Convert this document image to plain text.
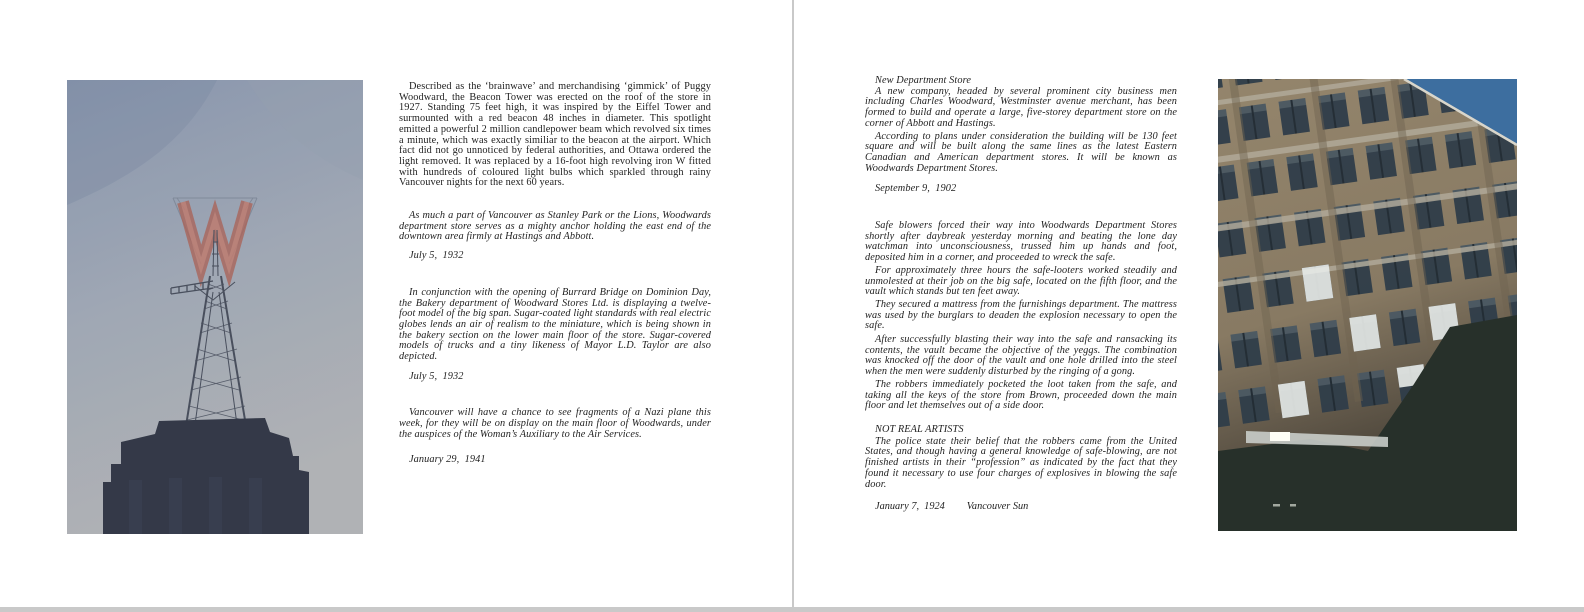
Described as the ‘brainwave’ and merchandising ‘gimmick’ of Puggy Woodward, the Beacon Tower was erected on the roof of the store in 1927. Standing 75 feet high, it was inspired by the Eiffel Tower and surmounted with a red beacon 48 inches in diameter. This spotlight emitted a powerful 2 million candlepower beam which revolved six times a minute, which was exactly similiar to the beacon at the airport. Which fact did not go unnoticed by federal authorities, and Ottawa ordered the light removed. It was replaced by a 16-foot high revolving iron W fitted with hundreds of coloured light bulbs which sparkled through rainy Vancouver nights for the next 60 years.

As much a part of Vancouver as Stanley Park or the Lions, Woodwards department store serves as a mighty anchor holding the east end of the downtown area firmly at Hastings and Abbott.

July 5,  1932

In conjunction with the opening of Burrard Bridge on Dominion Day, the Bakery department of Woodward Stores Ltd. is displaying a twelve-foot model of the big span. Sugar-coated light standards with real electric globes lends an air of realism to the miniature, which is being shown in the bakery section on the lower main floor of the store. Sugar-covered models of trucks and a tiny likeness of Mayor L.D. Taylor are also depicted.

July 5,  1932

Vancouver will have a chance to see fragments of a Nazi plane this week, for they will be on display on the main floor of Woodwards, under the auspices of the Woman’s Auxiliary to the Air Services.

January 29,  1941

New Department Store

A new company, headed by several prominent city business men including Charles Woodward, Westminster avenue merchant, has been formed to build and operate a large, five-storey department store on the corner of Abbott and Hastings.

According to plans under consideration the building will be 130 feet square and will be built along the same lines as the latest Eastern Canadian and American department stores. It will be known as Woodwards Department Stores.

September 9,  1902

Safe blowers forced their way into Woodwards Department Stores shortly after daybreak yesterday morning and beating the lone day watchman into unconsciousness, trussed him up hands and foot, deposited him in a corner, and proceeded to wreck the safe.

For approximately three hours the safe-looters worked steadily and unmolested at their job on the big safe, located on the fifth floor, and the vault which stands but ten feet away.

They secured a mattress from the furnishings department. The mattress was used by the burglars to deaden the explosion necessary to open the safe.

After successfully blasting their way into the safe and ransacking its contents, the vault became the objective of the yeggs. The combination was knocked off the door of the vault and one hole drilled into the steel when the men were suddenly disturbed by the ringing of a gong.

The robbers immediately pocketed the loot taken from the safe, and taking all the keys of the store from Brown, proceeded down the main floor and let themselves out of a side door.

NOT REAL ARTISTS

The police state their belief that the robbers came from the United States, and though having a general knowledge of safe-blowing, are not finished artists in their “profession” as indicated by the fact that they found it necessary to use four charges of explosives in blowing the safe door.

January 7,  1924 Vancouver Sun
